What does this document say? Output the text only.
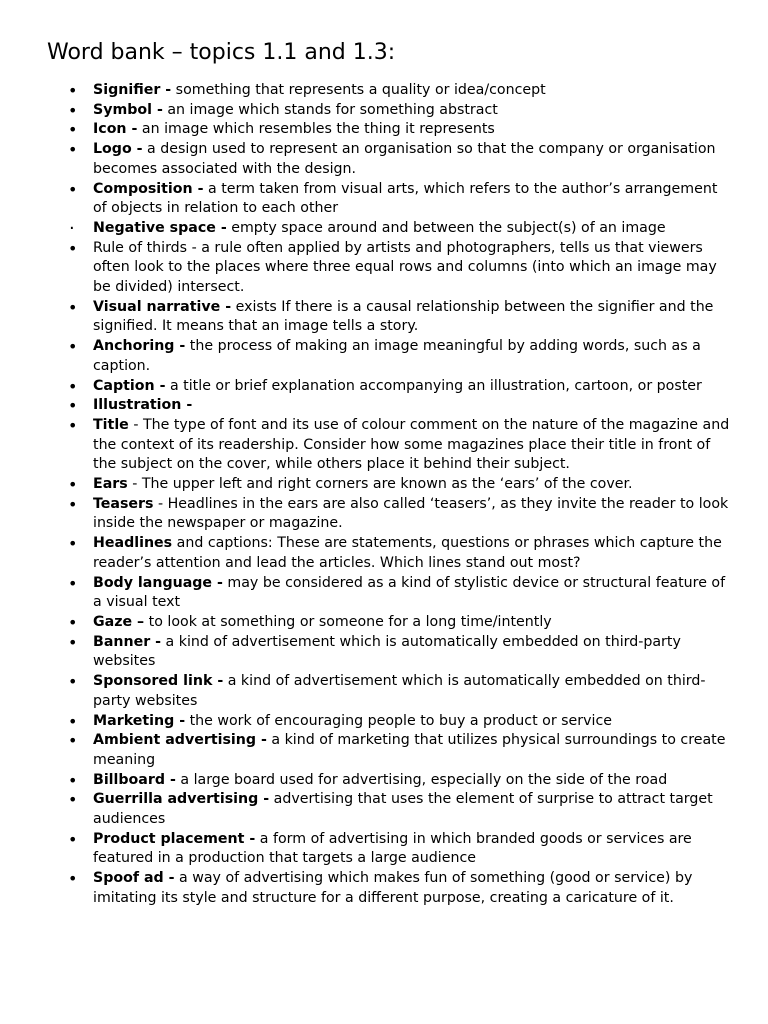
Word bank – topics 1.1 and 1.3:
• Signifier - something that represents a quality or idea/concept
• Symbol - an image which stands for something abstract
• Icon - an image which resembles the thing it represents
• Logo - a design used to represent an organisation so that the company or organisation becomes associated with the design.
• Composition - a term taken from visual arts, which refers to the author’s arrangement of objects in relation to each other
· Negative space - empty space around and between the subject(s) of an image
• Rule of thirds - a rule often applied by artists and photographers, tells us that viewers often look to the places where three equal rows and columns (into which an image may be divided) intersect.
• Visual narrative - exists If there is a causal relationship between the signifier and the signified. It means that an image tells a story.
• Anchoring - the process of making an image meaningful by adding words, such as a caption.
• Caption - a title or brief explanation accompanying an illustration, cartoon, or poster
• Illustration -
• Title - The type of font and its use of colour comment on the nature of the magazine and the context of its readership. Consider how some magazines place their title in front of the subject on the cover, while others place it behind their subject.
• Ears - The upper left and right corners are known as the ‘ears’ of the cover.
• Teasers - Headlines in the ears are also called ‘teasers’, as they invite the reader to look inside the newspaper or magazine.
• Headlines and captions: These are statements, questions or phrases which capture the reader’s attention and lead the articles. Which lines stand out most?
• Body language - may be considered as a kind of stylistic device or structural feature of a visual text
• Gaze – to look at something or someone for a long time/intently
• Banner - a kind of advertisement which is automatically embedded on third-party websites
• Sponsored link - a kind of advertisement which is automatically embedded on third-party websites
• Marketing - the work of encouraging people to buy a product or service
• Ambient advertising - a kind of marketing that utilizes physical surroundings to create meaning
• Billboard - a large board used for advertising, especially on the side of the road
• Guerrilla advertising - advertising that uses the element of surprise to attract target audiences
• Product placement - a form of advertising in which branded goods or services are featured in a production that targets a large audience
• Spoof ad - a way of advertising which makes fun of something (good or service) by imitating its style and structure for a different purpose, creating a caricature of it.
